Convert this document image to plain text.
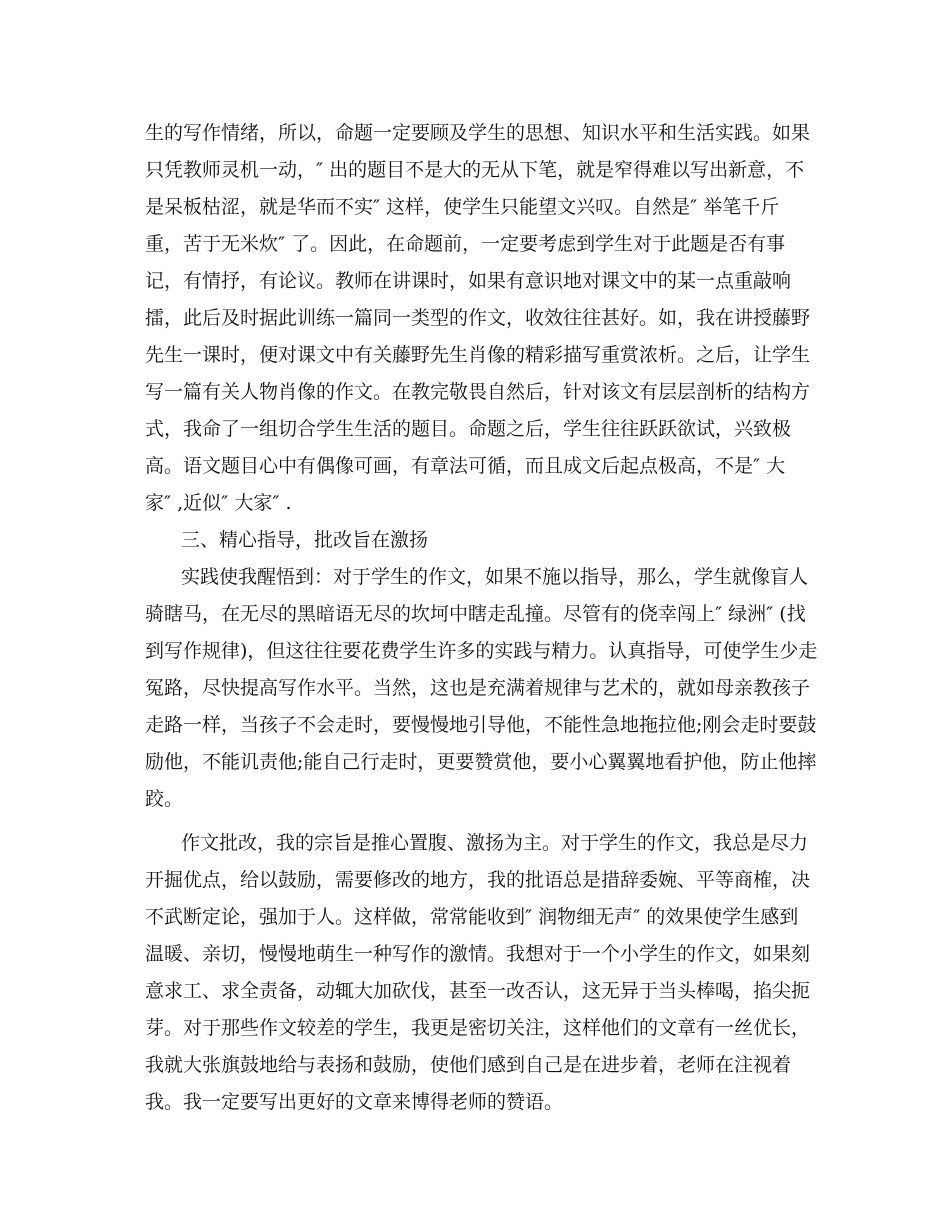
生的写作情绪，所以，命题一定要顾及学生的思想、知识水平和生活实践。如果
只凭教师灵机一动，″ 出的题目不是大的无从下笔，就是窄得难以写出新意，不
是呆板枯涩，就是华而不实″ 这样，使学生只能望文兴叹。自然是″ 举笔千斤
重，苦于无米炊″ 了。因此，在命题前，一定要考虑到学生对于此题是否有事
记，有情抒，有论议。教师在讲课时，如果有意识地对课文中的某一点重敲响
擂，此后及时据此训练一篇同一类型的作文，收效往往甚好。如，我在讲授藤野
先生一课时，便对课文中有关藤野先生肖像的精彩描写重赏浓析。之后，让学生
写一篇有关人物肖像的作文。在教完敬畏自然后，针对该文有层层剖析的结构方
式，我命了一组切合学生生活的题目。命题之后，学生往往跃跃欲试，兴致极
高。语文题目心中有偶像可画，有章法可循，而且成文后起点极高，不是″ 大
家″ ,近似″ 大家″ .
三、精心指导，批改旨在激扬
实践使我醒悟到：对于学生的作文，如果不施以指导，那么，学生就像盲人
骑瞎马，在无尽的黑暗语无尽的坎坷中瞎走乱撞。尽管有的侥幸闯上″ 绿洲″ (找
到写作规律)，但这往往要花费学生许多的实践与精力。认真指导，可使学生少走
冤路，尽快提高写作水平。当然，这也是充满着规律与艺术的，就如母亲教孩子
走路一样，当孩子不会走时，要慢慢地引导他，不能性急地拖拉他;刚会走时要鼓
励他，不能讥责他;能自己行走时，更要赞赏他，要小心翼翼地看护他，防止他摔
跤。
作文批改，我的宗旨是推心置腹、激扬为主。对于学生的作文，我总是尽力
开掘优点，给以鼓励，需要修改的地方，我的批语总是措辞委婉、平等商榷，决
不武断定论，强加于人。这样做，常常能收到″ 润物细无声″ 的效果使学生感到
温暖、亲切，慢慢地萌生一种写作的激情。我想对于一个小学生的作文，如果刻
意求工、求全责备，动辄大加砍伐，甚至一改否认，这无异于当头棒喝，掐尖扼
芽。对于那些作文较差的学生，我更是密切关注，这样他们的文章有一丝优长，
我就大张旗鼓地给与表扬和鼓励，使他们感到自己是在进步着，老师在注视着
我。我一定要写出更好的文章来博得老师的赞语。
